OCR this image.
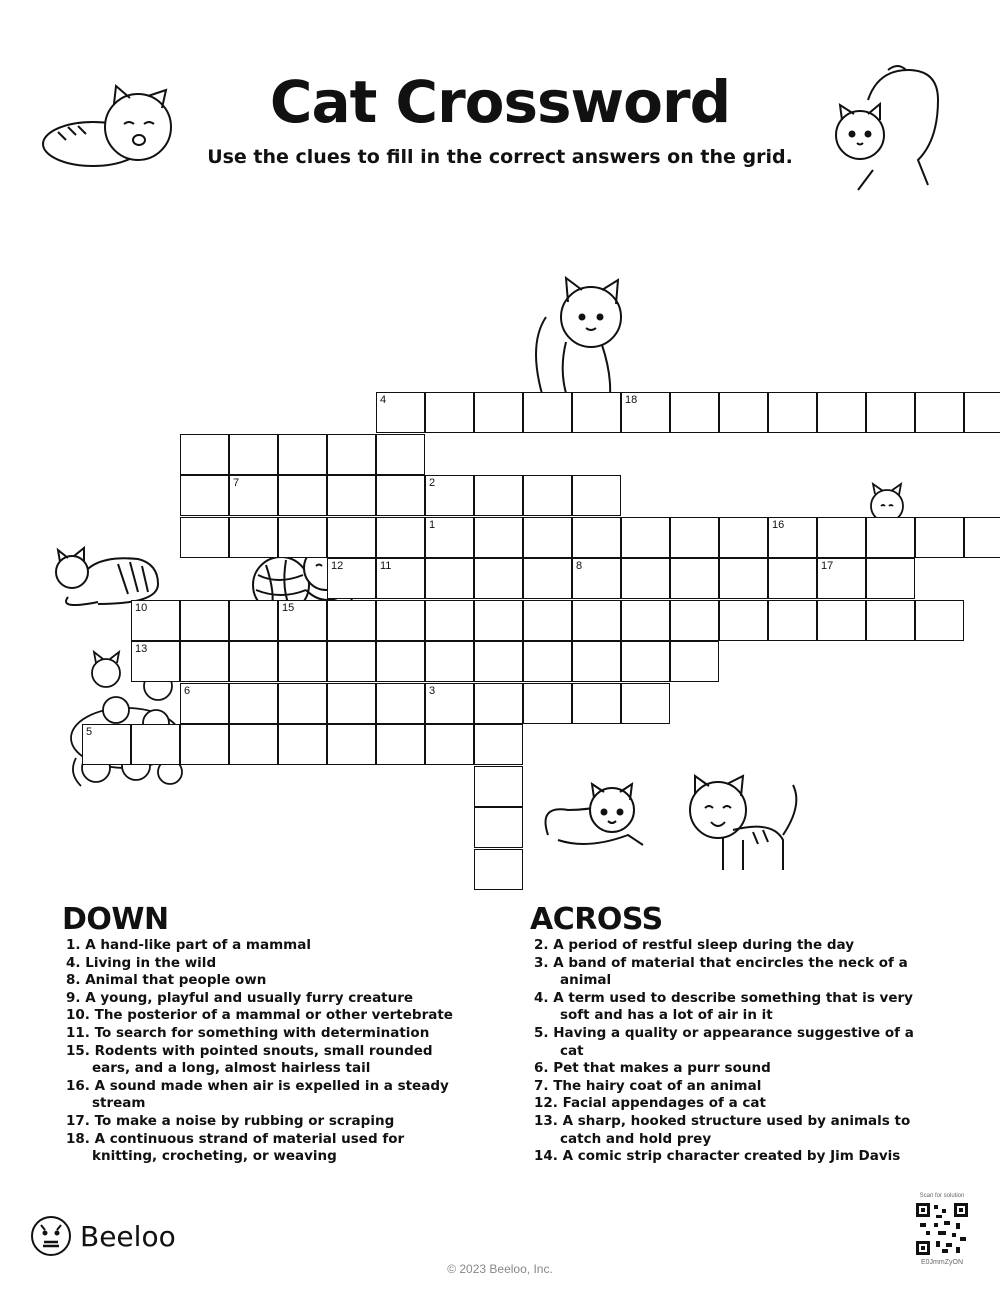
Cat Crossword

Use the clues to fill in the correct answers on the grid.

4	18
7	2
1	16
12	11	8	17
10	15
13
6	3
5
DOWN
1. A hand-like part of a mammal
4. Living in the wild
8. Animal that people own
9. A young, playful and usually furry creature
10. The posterior of a mammal or other vertebrate
11. To search for something with determination
15. Rodents with pointed snouts, small rounded ears, and a long, almost hairless tail
16. A sound made when air is expelled in a steady stream
17. To make a noise by rubbing or scraping
18. A continuous strand of material used for knitting, crocheting, or weaving
ACROSS
2. A period of restful sleep during the day
3. A band of material that encircles the neck of a animal
4. A term used to describe something that is very soft and has a lot of air in it
5. Having a quality or appearance suggestive of a cat
6. Pet that makes a purr sound
7. The hairy coat of an animal
12. Facial appendages of a cat
13. A sharp, hooked structure used by animals to catch and hold prey
14. A comic strip character created by Jim Davis
Beeloo
Scan for solution
E0JmmZyON
© 2023 Beeloo, Inc.
